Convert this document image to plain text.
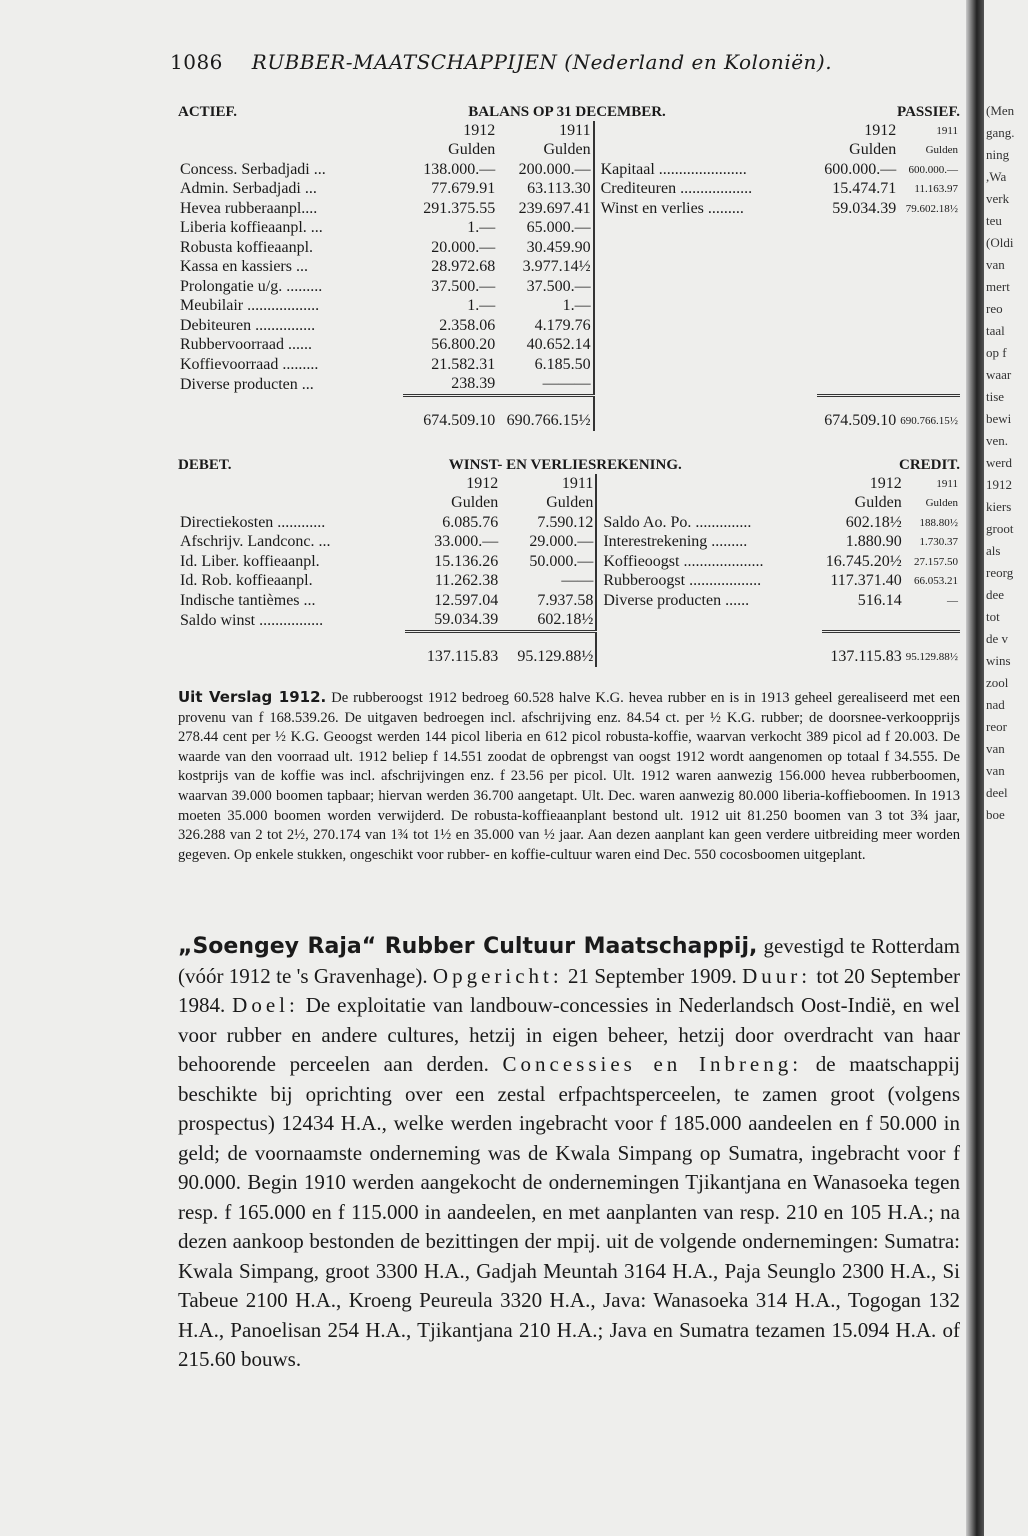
1086 RUBBER-MAATSCHAPPIJEN (Nederland en Koloniën).
ACTIEF.	BALANS OP 31 DECEMBER.	PASSIEF.
	1912	1911		1912	1911
	Gulden	Gulden		Gulden	Gulden
Concess. Serbadjadi ...	138.000.—	200.000.—	Kapitaal ......................	600.000.—	600.000.—
Admin. Serbadjadi ...	77.679.91	63.113.30	Crediteuren ..................	15.474.71	11.163.97
Hevea rubberaanpl....	291.375.55	239.697.41	Winst en verlies .........	59.034.39	79.602.18½
Liberia koffieaanpl. ...	1.—	65.000.—			
Robusta koffieaanpl.	20.000.—	30.459.90			
Kassa en kassiers ...	28.972.68	3.977.14½			
Prolongatie u/g. .........	37.500.—	37.500.—			
Meubilair ..................	1.—	1.—			
Debiteuren ...............	2.358.06	4.179.76			
Rubbervoorraad ......	56.800.20	40.652.14			
Koffievoorraad .........	21.582.31	6.185.50			
Diverse producten ...	238.39	———			
	674.509.10	690.766.15½		674.509.10	690.766.15½
DEBET.	WINST- EN VERLIESREKENING.	CREDIT.
	1912	1911		1912	1911
	Gulden	Gulden		Gulden	Gulden
Directiekosten ............	6.085.76	7.590.12	Saldo Ao. Po. ..............	602.18½	188.80½
Afschrijv. Landconc. ...	33.000.—	29.000.—	Interestrekening .........	1.880.90	1.730.37
Id. Liber. koffieaanpl.	15.136.26	50.000.—	Koffieoogst ....................	16.745.20½	27.157.50
Id. Rob. koffieaanpl.	11.262.38	——	Rubberoogst ..................	117.371.40	66.053.21
Indische tantièmes ...	12.597.04	7.937.58	Diverse producten ......	516.14	—
Saldo winst ................	59.034.39	602.18½			
	137.115.83	95.129.88½		137.115.83	95.129.88½
Uit Verslag 1912. De rubberoogst 1912 bedroeg 60.528 halve K.G. hevea rubber en is in 1913 geheel gerealiseerd met een provenu van f 168.539.26. De uitgaven bedroegen incl. afschrijving enz. 84.54 ct. per ½ K.G. rubber; de doorsnee-verkoopprijs 278.44 cent per ½ K.G. Geoogst werden 144 picol liberia en 612 picol robusta-koffie, waarvan verkocht 389 picol ad f 20.003. De waarde van den voorraad ult. 1912 beliep f 14.551 zoodat de opbrengst van oogst 1912 wordt aangenomen op totaal f 34.555. De kostprijs van de koffie was incl. afschrijvingen enz. f 23.56 per picol. Ult. 1912 waren aanwezig 156.000 hevea rubberboomen, waarvan 39.000 boomen tapbaar; hiervan werden 36.700 aangetapt. Ult. Dec. waren aanwezig 80.000 liberia-koffieboomen. In 1913 moeten 35.000 boomen worden verwijderd. De robusta-koffieaanplant bestond ult. 1912 uit 81.250 boomen van 3 tot 3¾ jaar, 326.288 van 2 tot 2½, 270.174 van 1¾ tot 1½ en 35.000 van ½ jaar. Aan dezen aanplant kan geen verdere uitbreiding meer worden gegeven. Op enkele stukken, ongeschikt voor rubber- en koffie-cultuur waren eind Dec. 550 cocosboomen uitgeplant.
„Soengey Raja“ Rubber Cultuur Maatschappij, gevestigd te Rotterdam (vóór 1912 te 's Gravenhage). Opgericht: 21 September 1909. Duur: tot 20 September 1984. Doel: De exploitatie van landbouw-concessies in Nederlandsch Oost-Indië, en wel voor rubber en andere cultures, hetzij in eigen beheer, hetzij door overdracht van haar behoorende perceelen aan derden. Concessies en Inbreng: de maatschappij beschikte bij oprichting over een zestal erfpachtsperceelen, te zamen groot (volgens prospectus) 12434 H.A., welke werden ingebracht voor f 185.000 aandeelen en f 50.000 in geld; de voornaamste onderneming was de Kwala Simpang op Sumatra, ingebracht voor f 90.000. Begin 1910 werden aangekocht de ondernemingen Tjikantjana en Wanasoeka tegen resp. f 165.000 en f 115.000 in aandeelen, en met aanplanten van resp. 210 en 105 H.A.; na dezen aankoop bestonden de bezittingen der mpij. uit de volgende ondernemingen: Sumatra: Kwala Simpang, groot 3300 H.A., Gadjah Meuntah 3164 H.A., Paja Seunglo 2300 H.A., Si Tabeue 2100 H.A., Kroeng Peureula 3320 H.A., Java: Wanasoeka 314 H.A., Togogan 132 H.A., Panoelisan 254 H.A., Tjikantjana 210 H.A.; Java en Sumatra tezamen 15.094 H.A. of 215.60 bouws.
(Men
gang.
ning
,Wa
verk
teu
(Oldi
van
mert
reo
taal
op f
waar
tise
bewi
ven.
werd
1912
kiers
groot
als
reorg
dee
tot
de v
wins
zool
nad
reor
van
van
deel
boe
